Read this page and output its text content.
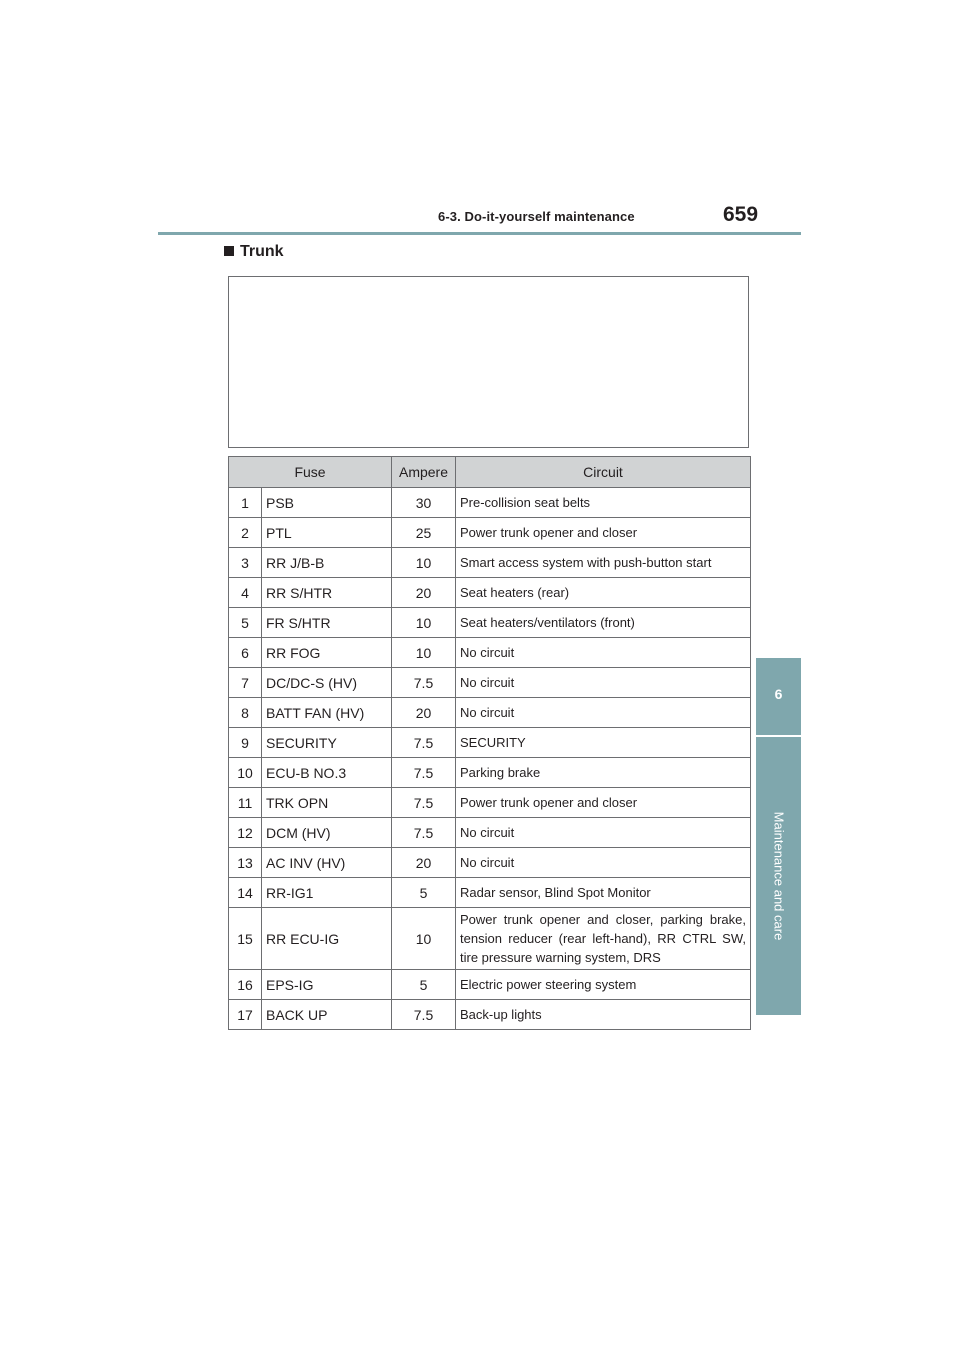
6-3. Do-it-yourself maintenance	659
6
Maintenance and care
Trunk
Fuse		Ampere	Circuit
1	PSB	30	Pre-collision seat belts
2	PTL	25	Power trunk opener and closer
3	RR J/B-B	10	Smart access system with push-button start
4	RR S/HTR	20	Seat heaters (rear)
5	FR S/HTR	10	Seat heaters/ventilators (front)
6	RR FOG	10	No circuit
7	DC/DC-S (HV)	7.5	No circuit
8	BATT FAN (HV)	20	No circuit
9	SECURITY	7.5	SECURITY
10	ECU-B NO.3	7.5	Parking brake
11	TRK OPN	7.5	Power trunk opener and closer
12	DCM (HV)	7.5	No circuit
13	AC INV (HV)	20	No circuit
14	RR-IG1	5	Radar sensor, Blind Spot Monitor
15	RR ECU-IG	10	Power trunk opener and closer, parking brake, tension reducer (rear left-hand), RR CTRL SW, tire pressure warning system, DRS
16	EPS-IG	5	Electric power steering system
17	BACK UP	7.5	Back-up lights
